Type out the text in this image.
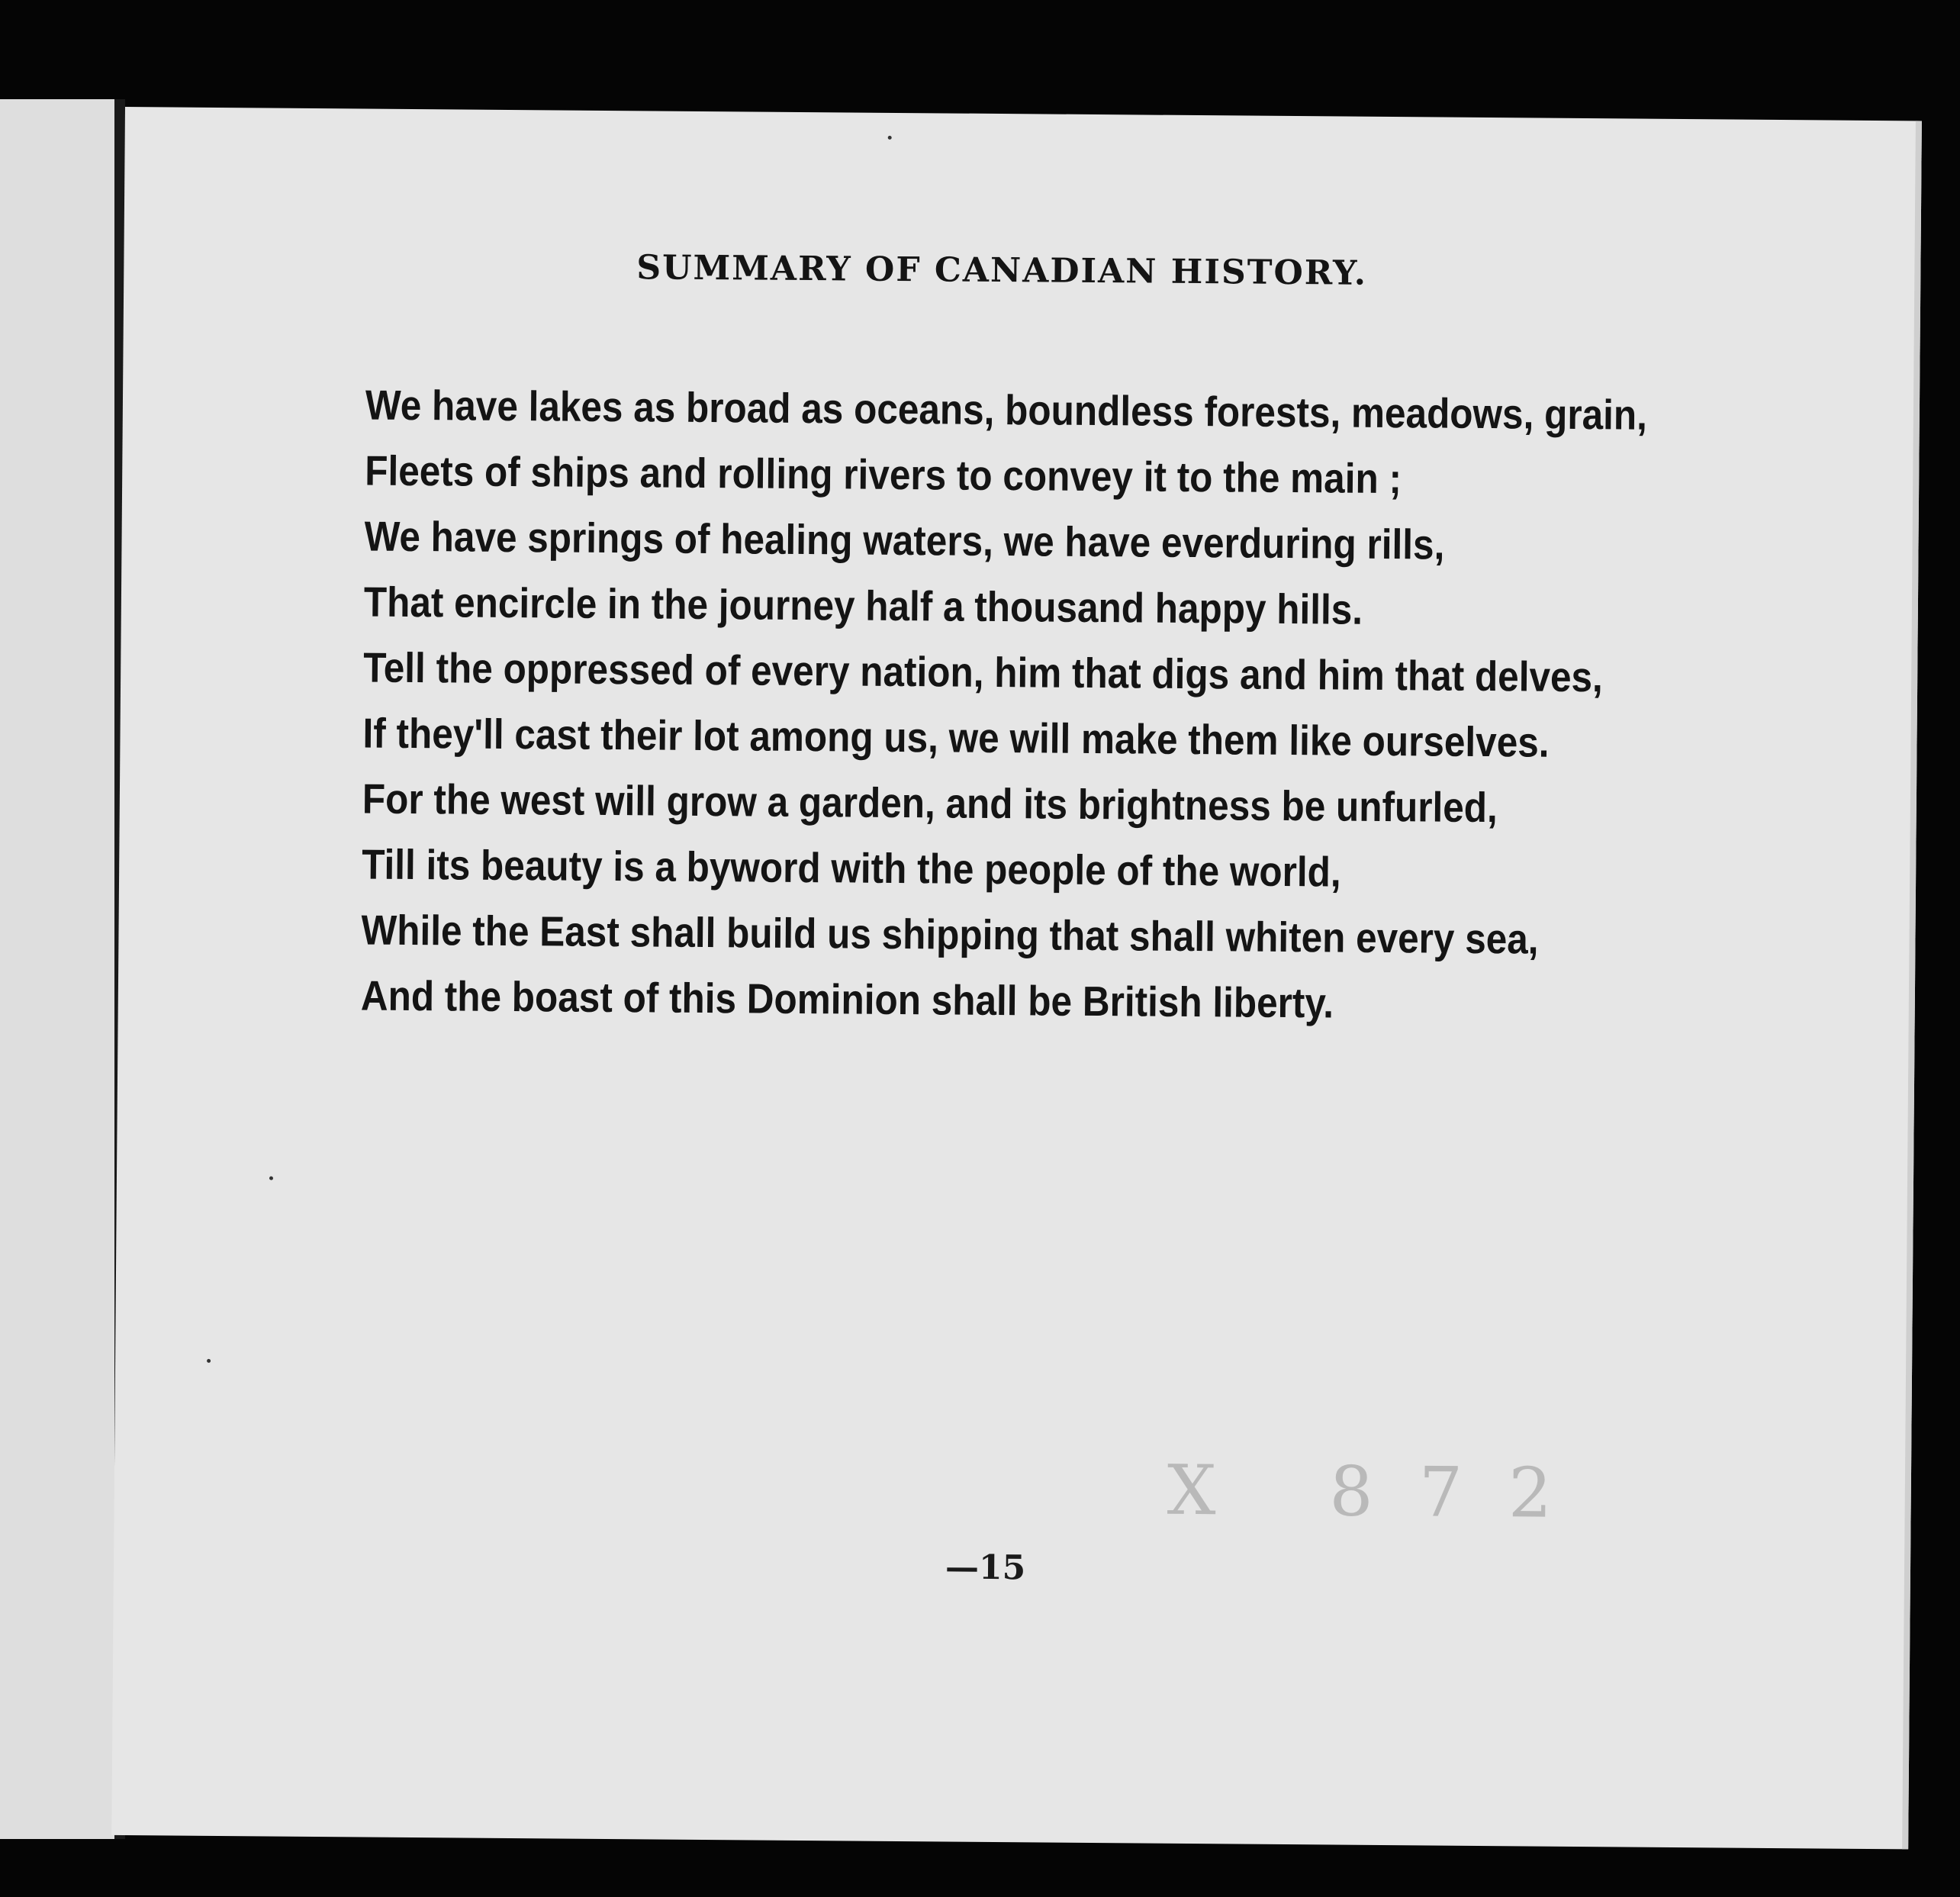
SUMMARY OF CANADIAN HISTORY.
We have lakes as broad as oceans, boundless forests, meadows, grain,
Fleets of ships and rolling rivers to convey it to the main ;
We have springs of healing waters, we have everduring rills,
That encircle in the journey half a thousand happy hills.
Tell the oppressed of every nation, him that digs and him that delves,
If they'll cast their lot among us, we will make them like ourselves.
For the west will grow a garden, and its brightness be unfurled,
Till its beauty is a byword with the people of the world,
While the East shall build us shipping that shall whiten every sea,
And the boast of this Dominion shall be British liberty.
X 872
—15
